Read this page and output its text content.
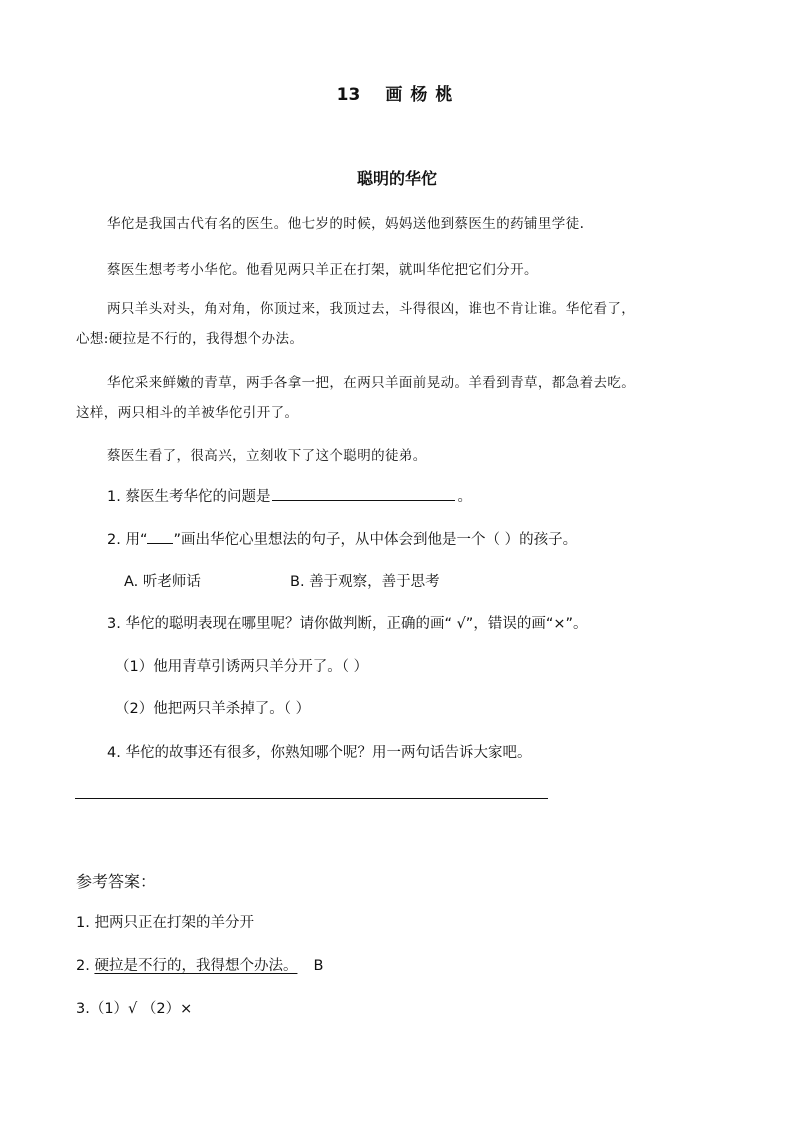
13 画 杨 桃
聪明的华佗
华佗是我国古代有名的医生。他七岁的时候，妈妈送他到蔡医生的药铺里学徒.
蔡医生想考考小华佗。他看见两只羊正在打架，就叫华佗把它们分开。
两只羊头对头，角对角，你顶过来，我顶过去，斗得很凶，谁也不肯让谁。华佗看了，
心想:硬拉是不行的，我得想个办法。
华佗采来鲜嫩的青草，两手各拿一把，在两只羊面前晃动。羊看到青草，都急着去吃。
这样，两只相斗的羊被华佗引开了。
蔡医生看了，很高兴，立刻收下了这个聪明的徒弟。
1. 蔡医生考华佗的问题是	。
2. 用“ ”画出华佗心里想法的句子，从中体会到他是一个（ ）的孩子。
A. 听老师话	B. 善于观察，善于思考
3. 华佗的聪明表现在哪里呢？请你做判断，正确的画“ √”，错误的画“×”。
（1）他用青草引诱两只羊分开了。（ ）
（2）他把两只羊杀掉了。（ ）
4. 华佗的故事还有很多，你熟知哪个呢？用一两句话告诉大家吧。
参考答案：
1. 把两只正在打架的羊分开
2. 硬拉是不行的，我得想个办法。 B
3.（1）√ （2）×
